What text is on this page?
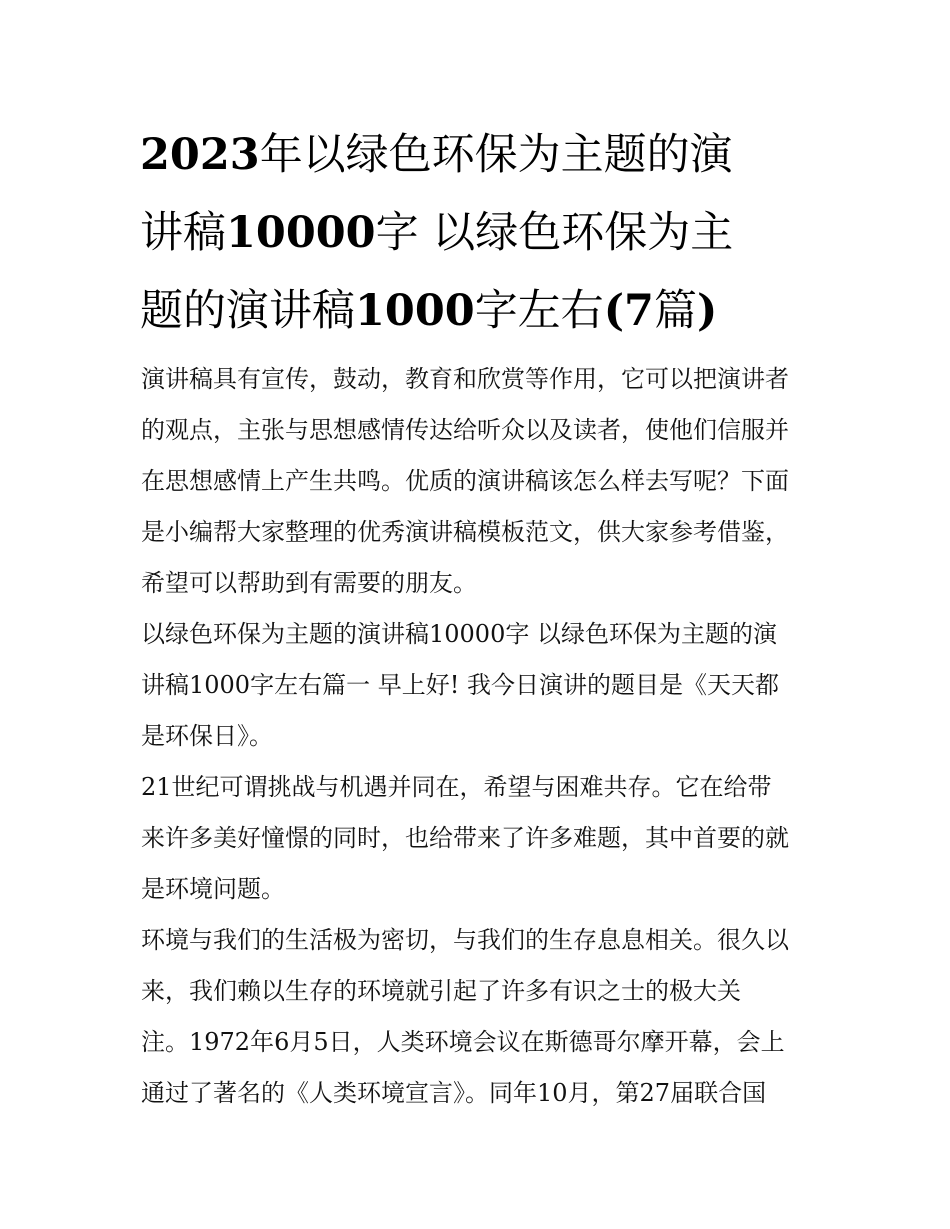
2023年以绿色环保为主题的演
讲稿10000字 以绿色环保为主
题的演讲稿1000字左右(7篇)
演讲稿具有宣传，鼓动，教育和欣赏等作用，它可以把演讲者
的观点，主张与思想感情传达给听众以及读者，使他们信服并
在思想感情上产生共鸣。优质的演讲稿该怎么样去写呢？下面
是小编帮大家整理的优秀演讲稿模板范文，供大家参考借鉴，
希望可以帮助到有需要的朋友。
以绿色环保为主题的演讲稿10000字 以绿色环保为主题的演
讲稿1000字左右篇一 早上好! 我今日演讲的题目是《天天都
是环保日》。
21世纪可谓挑战与机遇并同在，希望与困难共存。它在给带
来许多美好憧憬的同时，也给带来了许多难题，其中首要的就
是环境问题。
环境与我们的生活极为密切，与我们的生存息息相关。很久以
来，我们赖以生存的环境就引起了许多有识之士的极大关
注。1972年6月5日，人类环境会议在斯德哥尔摩开幕，会上
通过了著名的《人类环境宣言》。同年10月，第27届联合国
